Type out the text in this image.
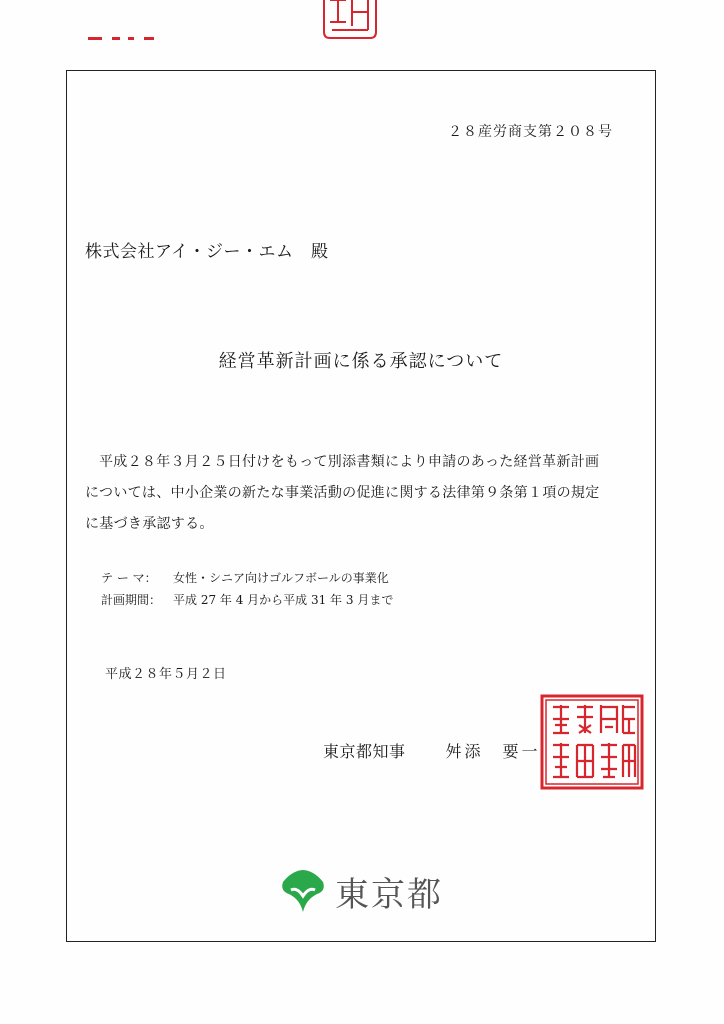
２８産労商支第２０８号
株式会社アイ・ジー・エム　殿
経営革新計画に係る承認について
平成２８年３月２５日付けをもって別添書類により申請のあった経営革新計画
については、中小企業の新たな事業活動の促進に関する法律第９条第１項の規定
に基づき承認する。
テ ー マ： 女性・シニア向けゴルフボールの事業化
計画期間： 平成 27 年 4 月から平成 31 年 3 月まで
平成２８年５月２日
東京都知事	舛添　要一
東京都
